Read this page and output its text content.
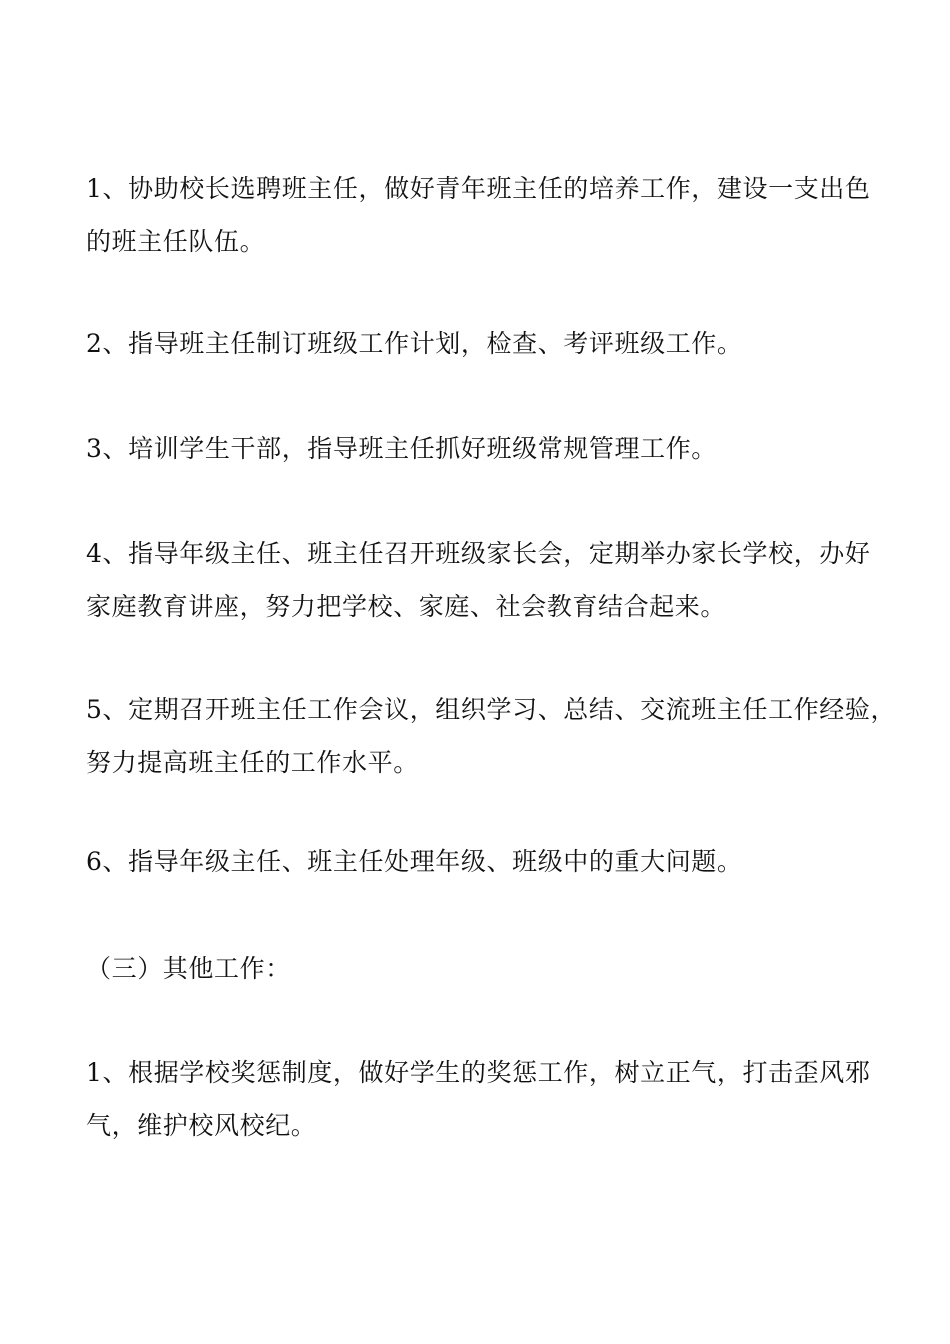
1、协助校长选聘班主任，做好青年班主任的培养工作，建设一支出色
的班主任队伍。

2、指导班主任制订班级工作计划，检查、考评班级工作。

3、培训学生干部，指导班主任抓好班级常规管理工作。

4、指导年级主任、班主任召开班级家长会，定期举办家长学校，办好
家庭教育讲座，努力把学校、家庭、社会教育结合起来。

5、定期召开班主任工作会议，组织学习、总结、交流班主任工作经验，
努力提高班主任的工作水平。

6、指导年级主任、班主任处理年级、班级中的重大问题。

（三）其他工作：

1、根据学校奖惩制度，做好学生的奖惩工作，树立正气，打击歪风邪
气，维护校风校纪。
